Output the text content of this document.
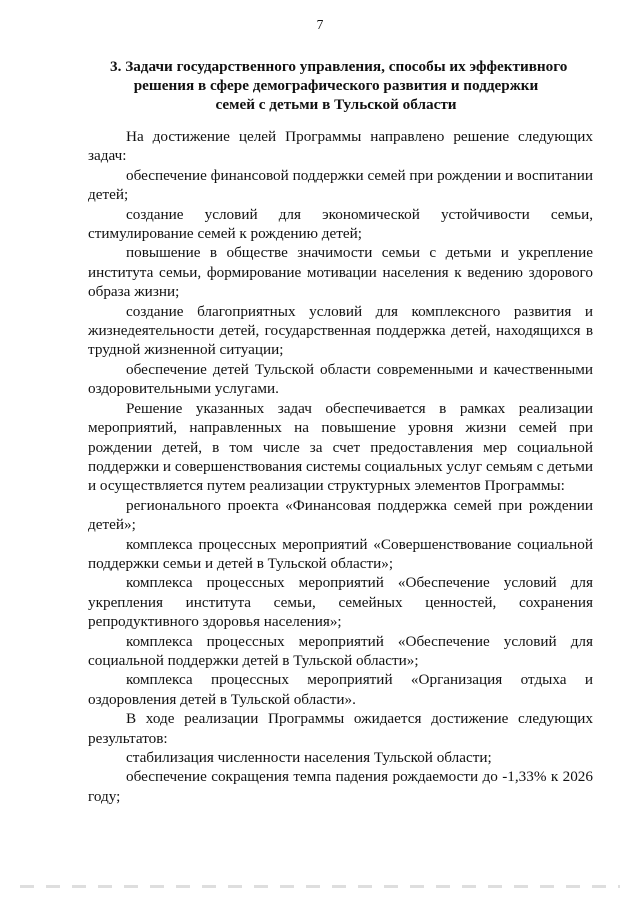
7
3. Задачи государственного управления, способы их эффективного
решения в сфере демографического развития и поддержки
семей с детьми в Тульской области

На достижение целей Программы направлено решение следующих задач:

обеспечение финансовой поддержки семей при рождении и воспитании детей;

создание условий для экономической устойчивости семьи, стимулирование семей к рождению детей;

повышение в обществе значимости семьи с детьми и укрепление института семьи, формирование мотивации населения к ведению здорового образа жизни;

создание благоприятных условий для комплексного развития и жизнедеятельности детей, государственная поддержка детей, находящихся в трудной жизненной ситуации;

обеспечение детей Тульской области современными и качественными оздоровительными услугами.

Решение указанных задач обеспечивается в рамках реализации мероприятий, направленных на повышение уровня жизни семей при рождении детей, в том числе за счет предоставления мер социальной поддержки и совершенствования системы социальных услуг семьям с детьми и осуществляется путем реализации структурных элементов Программы:

регионального проекта «Финансовая поддержка семей при рождении детей»;

комплекса процессных мероприятий «Совершенствование социальной поддержки семьи и детей в Тульской области»;

комплекса процессных мероприятий «Обеспечение условий для укрепления института семьи, семейных ценностей, сохранения репродуктивного здоровья населения»;

комплекса процессных мероприятий «Обеспечение условий для социальной поддержки детей в Тульской области»;

комплекса процессных мероприятий «Организация отдыха и оздоровления детей в Тульской области».

В ходе реализации Программы ожидается достижение следующих результатов:

стабилизация численности населения Тульской области;

обеспечение сокращения темпа падения рождаемости до -1,33% к 2026 году;
